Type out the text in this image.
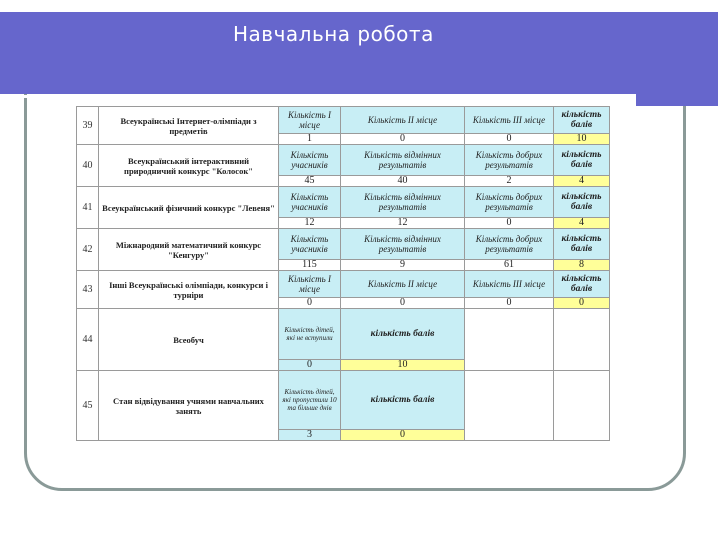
Навчальна робота
39	Всеукраїнські Інтернет-олімпіади з предметів	Кількість І місце	Кількість ІІ місце	Кількість ІІІ місце	кількість балів
		1	0	0	10
40	Всеукраїнський інтерактивний природничий конкурс "Колосок"	Кількість учасників	Кількість відмінних результатів	Кількість добрих результатів	кількість балів
		45	40	2	4
41	Всеукраїнський фізичний конкурс "Левеня"	Кількість учасників	Кількість відмінних результатів	Кількість добрих результатів	кількість балів
		12	12	0	4
42	Міжнародний математичний конкурс "Кенгуру"	Кількість учасників	Кількість відмінних результатів	Кількість добрих результатів	кількість балів
		115	9	61	8
43	Інші Всеукраїнські олімпіади, конкурси і турніри	Кількість І місце	Кількість ІІ місце	Кількість ІІІ місце	кількість балів
		0	0	0	0
44	Всеобуч	Кількість дітей, які не вступили	кількість балів		
		0	10		
45	Стан відвідування учнями навчальних занять	Кількість дітей, які пропустили 10 та більше днів	кількість балів		
		3	0		
